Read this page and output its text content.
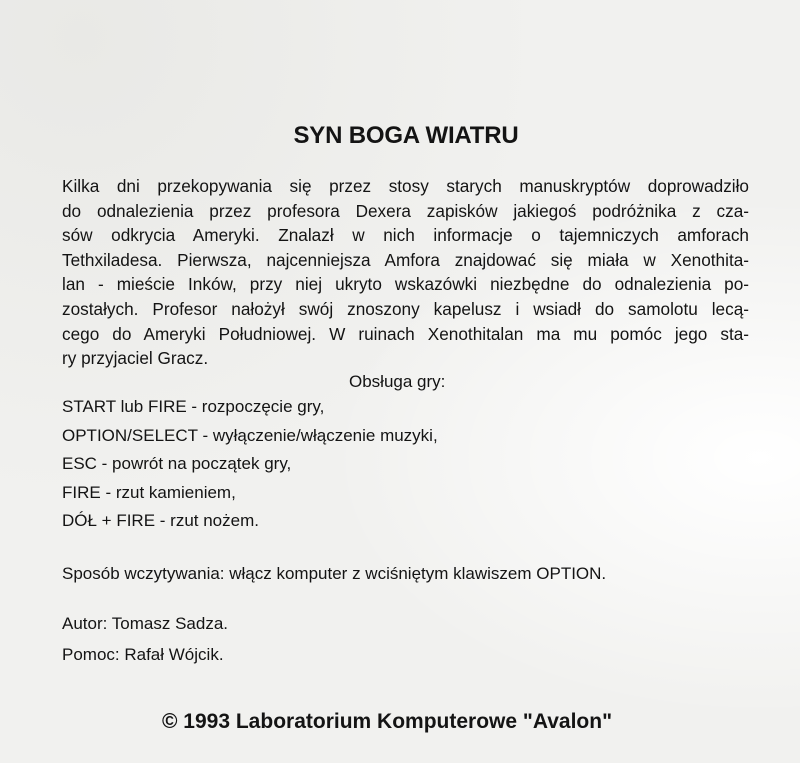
SYN BOGA WIATRU

Kilka dni przekopywania się przez stosy starych manuskryptów doprowadziło
do odnalezienia przez profesora Dexera zapisków jakiegoś podróżnika z cza-
sów odkrycia Ameryki. Znalazł w nich informacje o tajemniczych amforach
Tethxiladesa. Pierwsza, najcenniejsza Amfora znajdować się miała w Xenothita-
lan - mieście Inków, przy niej ukryto wskazówki niezbędne do odnalezienia po-
zostałych. Profesor nałożył swój znoszony kapelusz i wsiadł do samolotu lecą-
cego do Ameryki Południowej. W ruinach Xenothitalan ma mu pomóc jego sta-
ry przyjaciel Gracz.

Obsługa gry:

START lub FIRE - rozpoczęcie gry,
OPTION/SELECT - wyłączenie/włączenie muzyki,
ESC - powrót na początek gry,
FIRE - rzut kamieniem,
DÓŁ + FIRE - rzut nożem.

Sposób wczytywania: włącz komputer z wciśniętym klawiszem OPTION.

Autor: Tomasz Sadza.

Pomoc: Rafał Wójcik.

© 1993 Laboratorium Komputerowe "Avalon"
